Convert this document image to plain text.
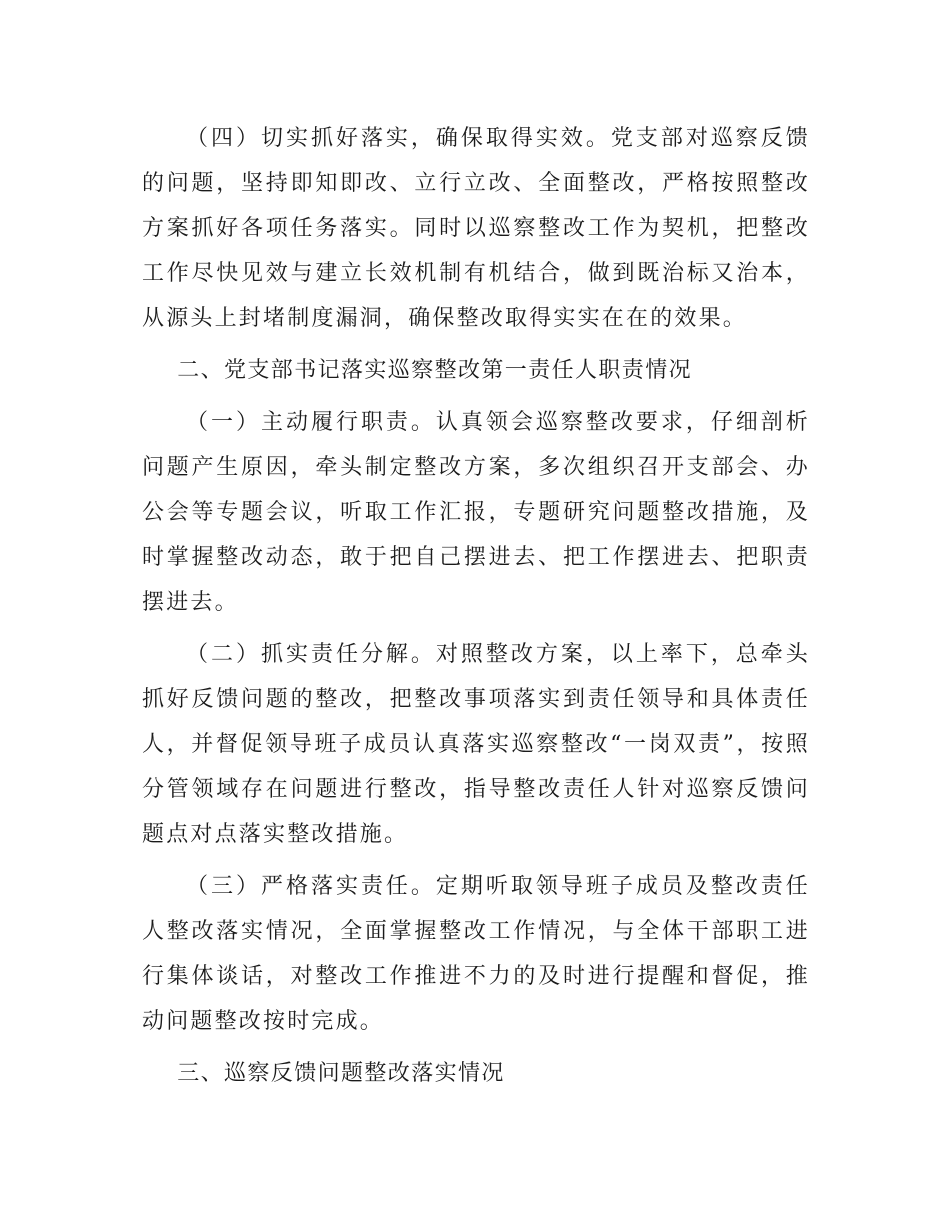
（四）切实抓好落实，确保取得实效。党支部对巡察反馈的问题，坚持即知即改、立行立改、全面整改，严格按照整改方案抓好各项任务落实。同时以巡察整改工作为契机，把整改工作尽快见效与建立长效机制有机结合，做到既治标又治本，从源头上封堵制度漏洞，确保整改取得实实在在的效果。

二、党支部书记落实巡察整改第一责任人职责情况

（一）主动履行职责。认真领会巡察整改要求，仔细剖析问题产生原因，牵头制定整改方案，多次组织召开支部会、办公会等专题会议，听取工作汇报，专题研究问题整改措施，及时掌握整改动态，敢于把自己摆进去、把工作摆进去、把职责摆进去。

（二）抓实责任分解。对照整改方案，以上率下，总牵头抓好反馈问题的整改，把整改事项落实到责任领导和具体责任人，并督促领导班子成员认真落实巡察整改“一岗双责”，按照分管领域存在问题进行整改，指导整改责任人针对巡察反馈问题点对点落实整改措施。

（三）严格落实责任。定期听取领导班子成员及整改责任人整改落实情况，全面掌握整改工作情况，与全体干部职工进行集体谈话，对整改工作推进不力的及时进行提醒和督促，推动问题整改按时完成。

三、巡察反馈问题整改落实情况
